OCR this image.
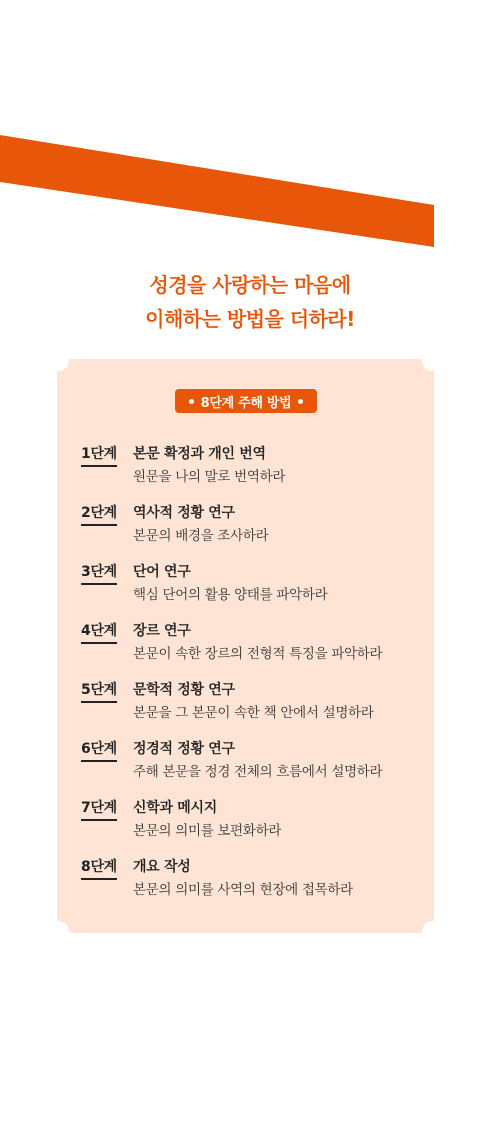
성경을 사랑하는 마음에
이해하는 방법을 더하라!
8단계 주해 방법
1단계 본문 확정과 개인 번역
원문을 나의 말로 번역하라
2단계 역사적 정황 연구
본문의 배경을 조사하라
3단계 단어 연구
핵심 단어의 활용 양태를 파악하라
4단계 장르 연구
본문이 속한 장르의 전형적 특징을 파악하라
5단계 문학적 정황 연구
본문을 그 본문이 속한 책 안에서 설명하라
6단계 정경적 정황 연구
주해 본문을 정경 전체의 흐름에서 설명하라
7단계 신학과 메시지
본문의 의미를 보편화하라
8단계 개요 작성
본문의 의미를 사역의 현장에 접목하라
